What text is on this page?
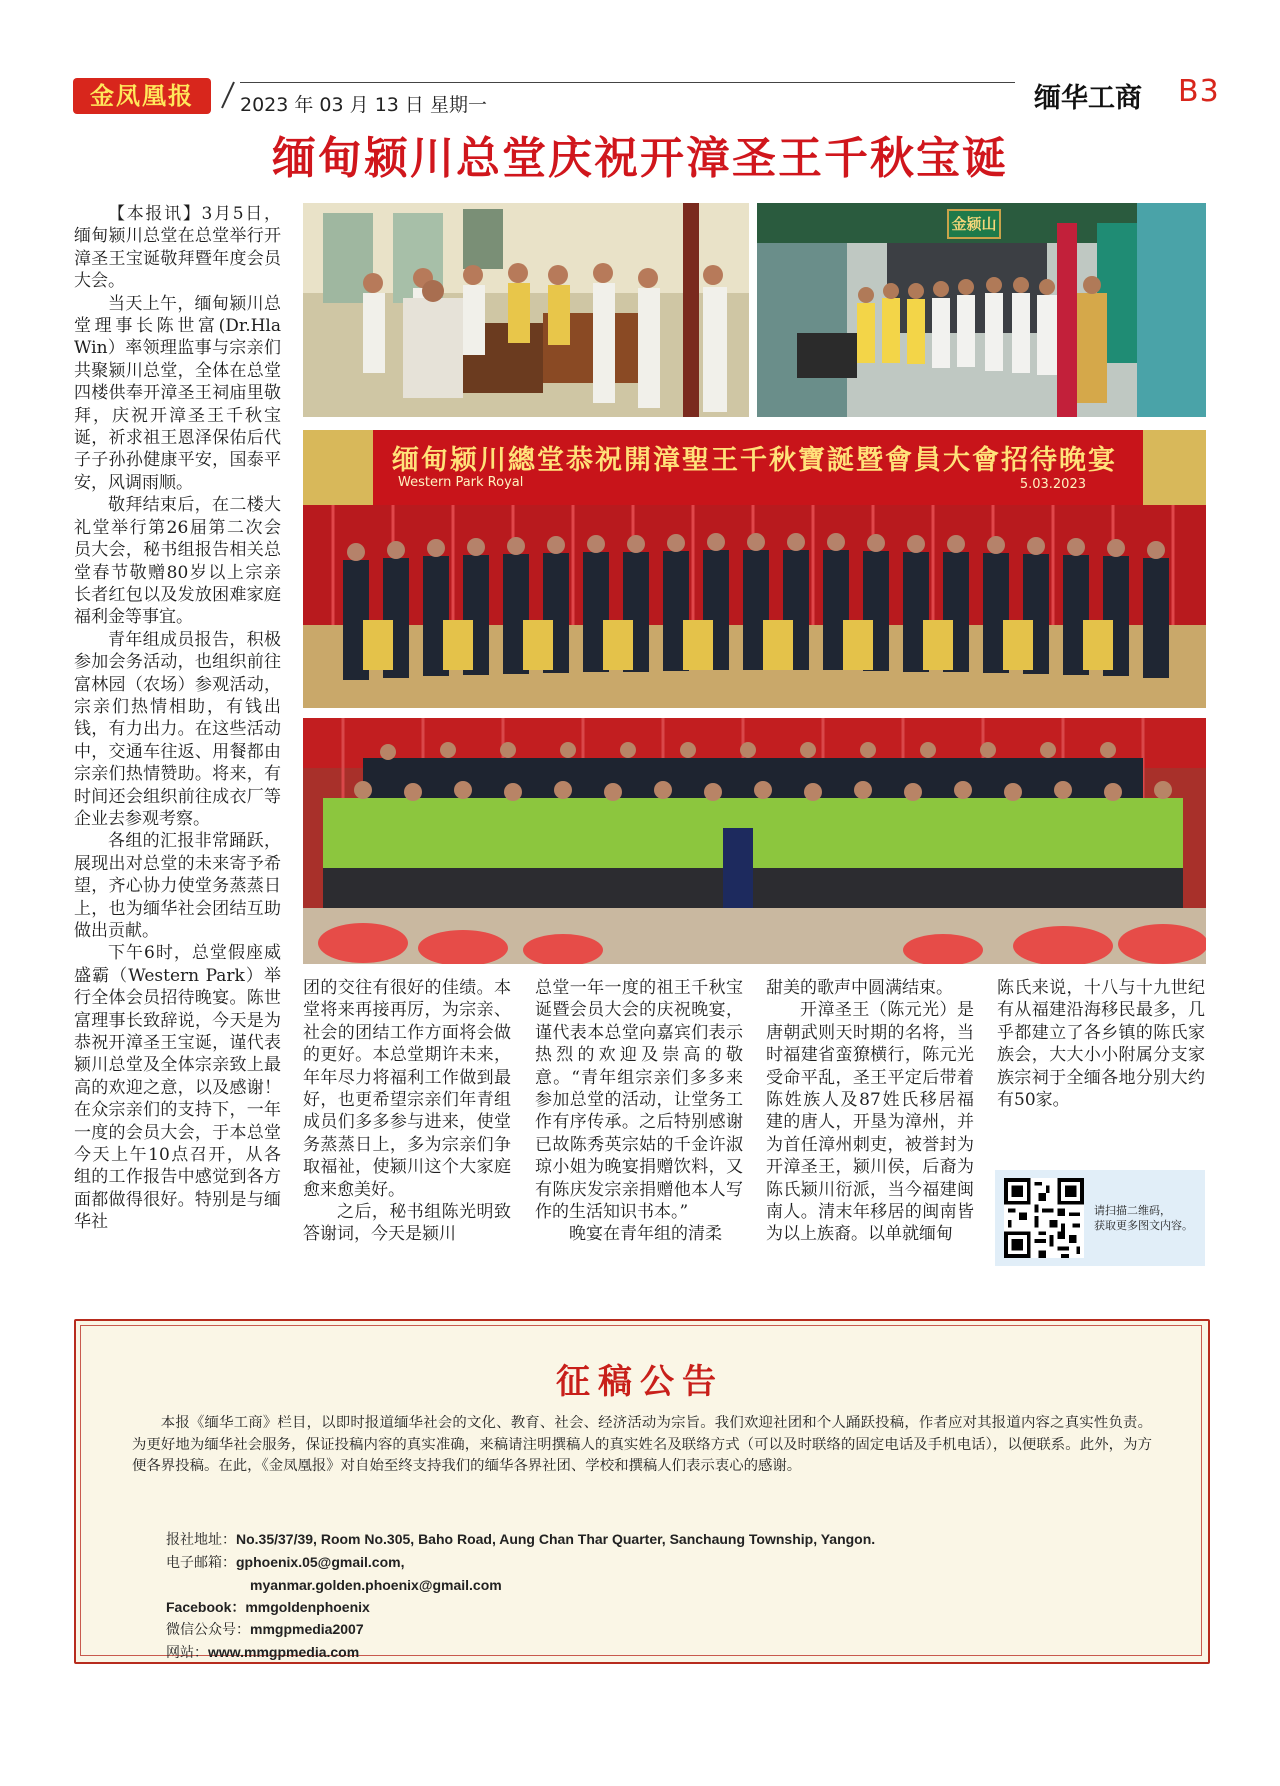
金凤凰报	2023 年 03 月 13 日 星期一	缅华工商 B3
缅甸颍川总堂庆祝开漳圣王千秋宝诞

【本报讯】3月5日，缅甸颍川总堂在总堂举行开漳圣王宝诞敬拜暨年度会员大会。

当天上午，缅甸颍川总堂理事长陈世富(Dr.Hla Win）率领理监事与宗亲们共聚颍川总堂，全体在总堂四楼供奉开漳圣王祠庙里敬拜，庆祝开漳圣王千秋宝诞，祈求祖王恩泽保佑后代子子孙孙健康平安，国泰平安，风调雨顺。

敬拜结束后，在二楼大礼堂举行第26届第二次会员大会，秘书组报告相关总堂春节敬赠80岁以上宗亲长者红包以及发放困难家庭福利金等事宜。

青年组成员报告，积极参加会务活动，也组织前往富林园（农场）参观活动，宗亲们热情相助，有钱出钱，有力出力。在这些活动中，交通车往返、用餐都由宗亲们热情赞助。将来，有时间还会组织前往成衣厂等企业去参观考察。

各组的汇报非常踊跃，展现出对总堂的未来寄予希望，齐心协力使堂务蒸蒸日上，也为缅华社会团结互助做出贡献。

下午6时，总堂假座威盛霸（Western Park）举行全体会员招待晚宴。陈世富理事长致辞说，今天是为恭祝开漳圣王宝诞，谨代表颍川总堂及全体宗亲致上最高的欢迎之意，以及感谢！在众宗亲们的支持下，一年一度的会员大会，于本总堂今天上午10点召开，从各组的工作报告中感觉到各方面都做得很好。特别是与缅华社

金颍山
缅甸颍川總堂恭祝開漳聖王千秋寶誕暨會員大會招待晚宴
Western Park Royal	5.03.2023

团的交往有很好的佳绩。本堂将来再接再厉，为宗亲、社会的团结工作方面将会做的更好。本总堂期许未来，年年尽力将福利工作做到最好，也更希望宗亲们年青组成员们多多参与进来，使堂务蒸蒸日上，多为宗亲们争取福祉，使颍川这个大家庭愈来愈美好。

之后，秘书组陈光明致答谢词，今天是颍川

总堂一年一度的祖王千秋宝诞暨会员大会的庆祝晚宴，谨代表本总堂向嘉宾们表示热烈的欢迎及崇高的敬意。“青年组宗亲们多多来参加总堂的活动，让堂务工作有序传承。之后特别感谢已故陈秀英宗姑的千金许淑琼小姐为晚宴捐赠饮料，又有陈庆发宗亲捐赠他本人写作的生活知识书本。”

晚宴在青年组的清柔

甜美的歌声中圆满结束。

开漳圣王（陈元光）是唐朝武则天时期的名将，当时福建省蛮獠横行，陈元光受命平乱，圣王平定后带着陈姓族人及87姓氏移居福建的唐人，开垦为漳州，并为首任漳州刺吏，被誉封为开漳圣王，颍川侯，后裔为陈氏颍川衍派，当今福建闽南人。清末年移居的闽南皆为以上族裔。以单就缅甸

陈氏来说，十八与十九世纪有从福建沿海移民最多，几乎都建立了各乡镇的陈氏家族会，大大小小附属分支家族宗祠于全缅各地分别大约有50家。

请扫描二维码，
获取更多图文内容。
征稿公告
本报《缅华工商》栏目，以即时报道缅华社会的文化、教育、社会、经济活动为宗旨。我们欢迎社团和个人踊跃投稿，作者应对其报道内容之真实性负责。为更好地为缅华社会服务，保证投稿内容的真实准确，来稿请注明撰稿人的真实姓名及联络方式（可以及时联络的固定电话及手机电话），以便联系。此外，为方便各界投稿。在此，《金凤凰报》对自始至终支持我们的缅华各界社团、学校和撰稿人们表示衷心的感谢。
报社地址：No.35/37/39, Room No.305, Baho Road, Aung Chan Thar Quarter, Sanchaung Township, Yangon.
电子邮箱：gphoenix.05@gmail.com,
myanmar.golden.phoenix@gmail.com
Facebook：mmgoldenphoenix
微信公众号：mmgpmedia2007
网站：www.mmgpmedia.com
